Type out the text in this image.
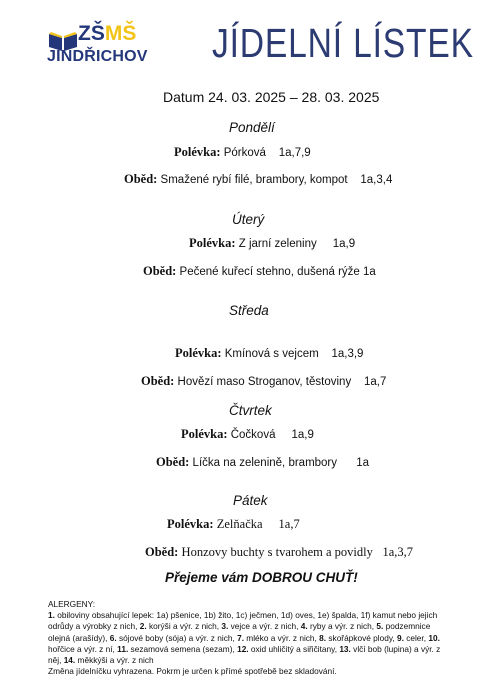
ZŠMŠ
JINDŘICHOV JÍDELNÍ LÍSTEK
Datum 24. 03. 2025 – 28. 03. 2025
Pondělí
Polévka: Pórková 1a,7,9
Oběd: Smažené rybí filé, brambory, kompot 1a,3,4
Úterý
Polévka: Z jarní zeleniny 1a,9
Oběd: Pečené kuřecí stehno, dušená rýže 1a
Středa
Polévka: Kmínová s vejcem 1a,3,9
Oběd: Hovězí maso Stroganov, těstoviny 1a,7
Čtvrtek
Polévka: Čočková 1a,9
Oběd: Líčka na zelenině, brambory 1a
Pátek
Polévka: Zelňačka 1a,7
Oběd: Honzovy buchty s tvarohem a povidly 1a,3,7
Přejeme vám DOBROU CHUŤ!
ALERGENY:
1. obiloviny obsahující lepek: 1a) pšenice, 1b) žito, 1c) ječmen, 1d) oves, 1e) špalda, 1f) kamut nebo jejich odrůdy a výrobky z nich, 2. korýši a výr. z nich, 3. vejce a výr. z nich, 4. ryby a výr. z nich, 5. podzemnice olejná (arašídy), 6. sójové boby (sója) a výr. z nich, 7. mléko a výr. z nich, 8. skořápkové plody, 9. celer, 10. hořčice a výr. z ní, 11. sezamová semena (sezam), 12. oxid uhličitý a siřičitany, 13. vlčí bob (lupina) a výr. z něj, 14. měkkýši a výr. z nich
Změna jídelníčku vyhrazena. Pokrm je určen k přímé spotřebě bez skladování.
